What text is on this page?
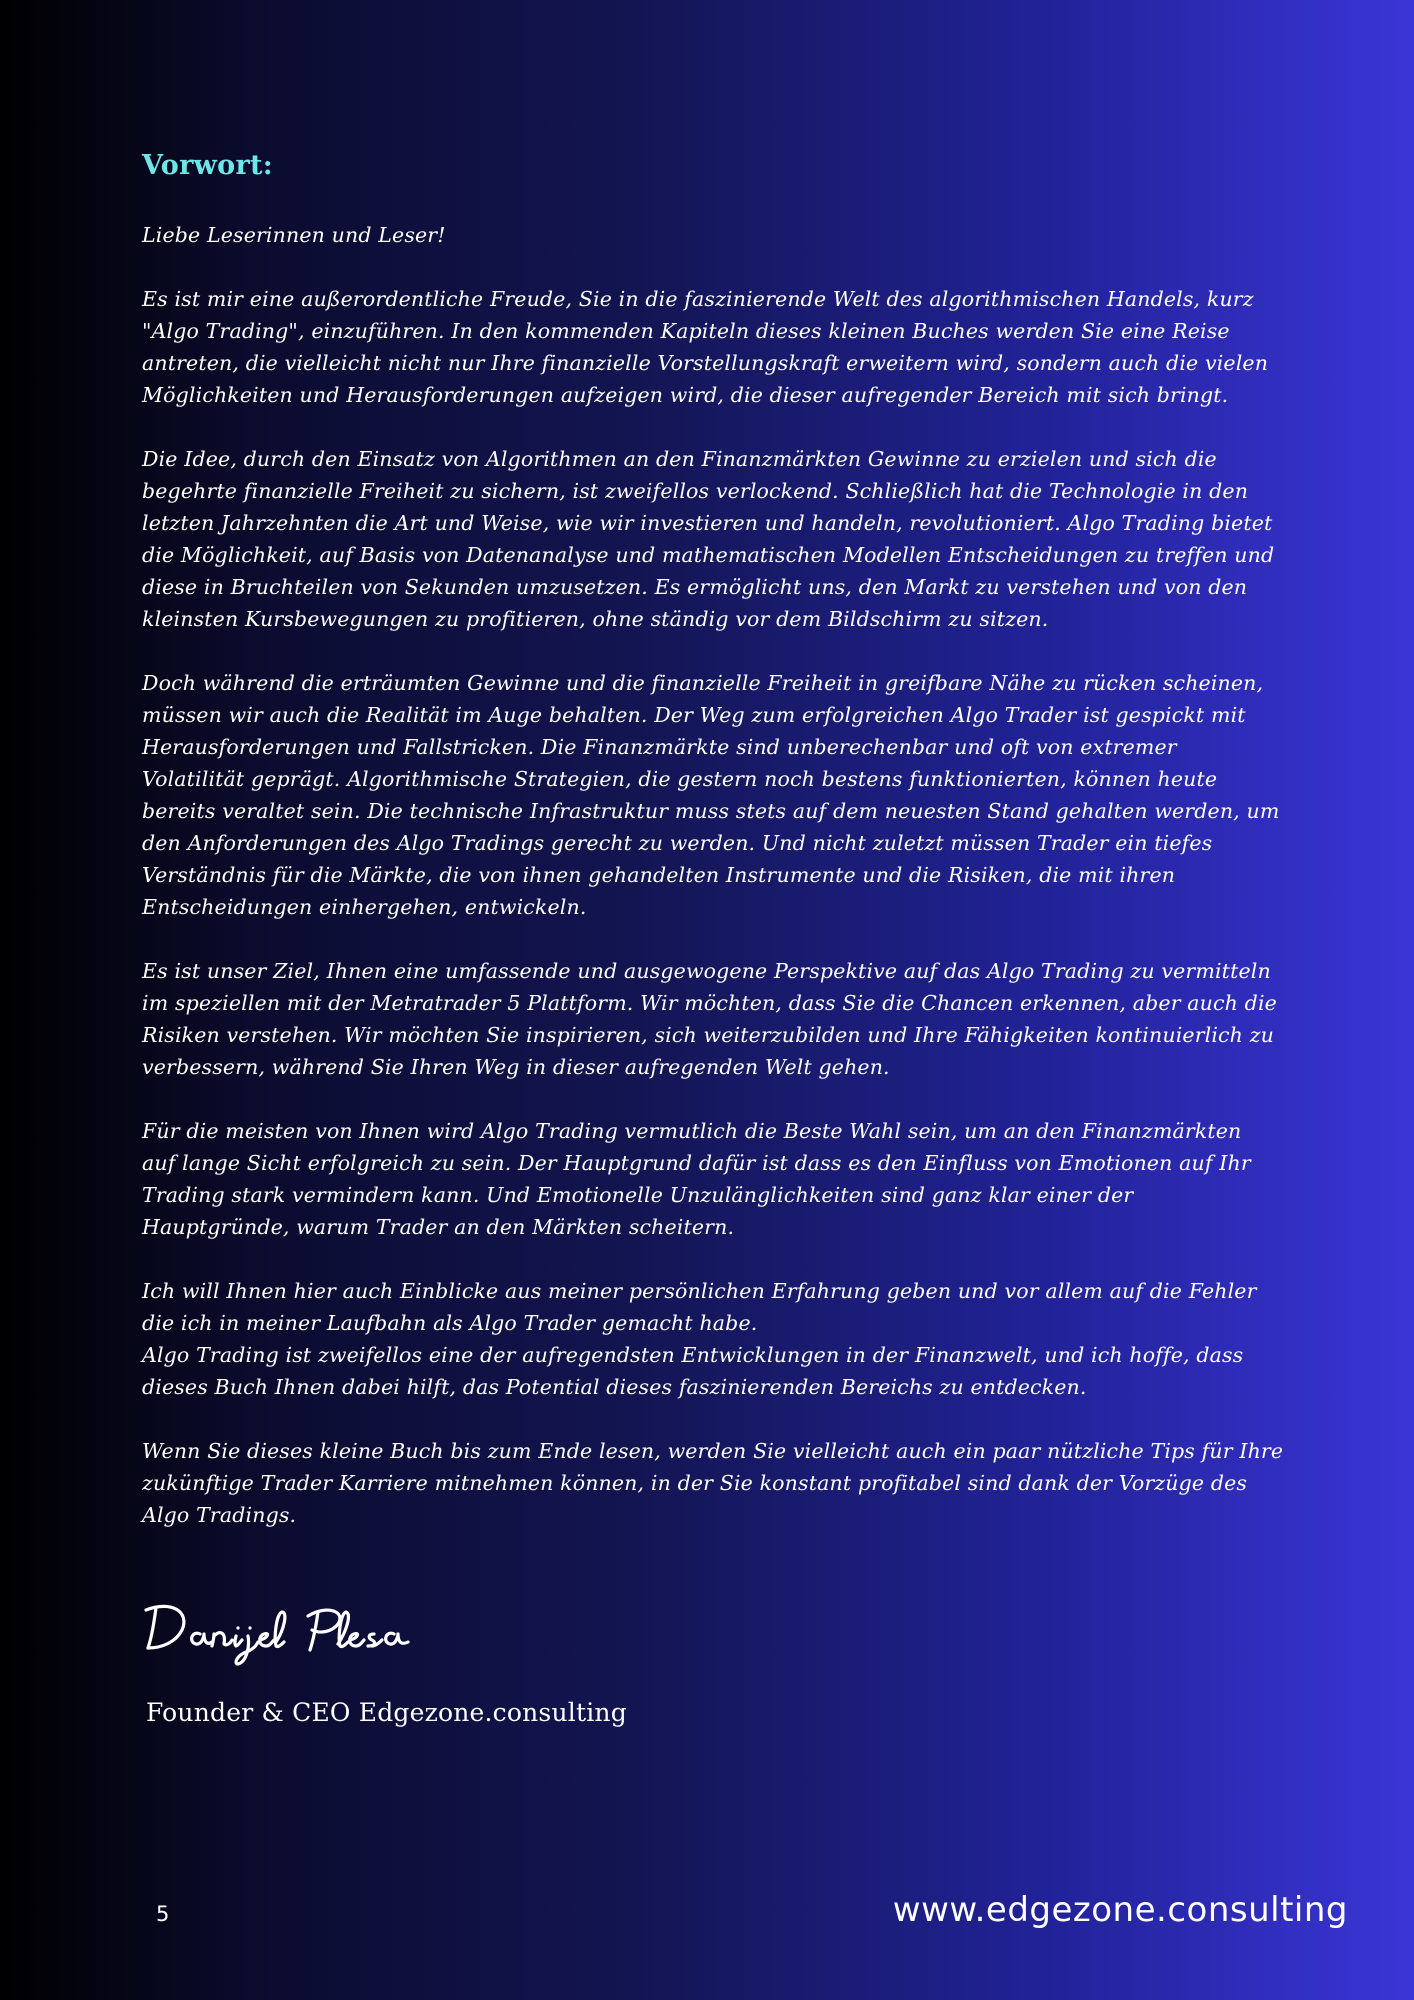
Vorwort:

Liebe Leserinnen und Leser!

Es ist mir eine außerordentliche Freude, Sie in die faszinierende Welt des algorithmischen Handels, kurz
"Algo Trading", einzuführen. In den kommenden Kapiteln dieses kleinen Buches werden Sie eine Reise
antreten, die vielleicht nicht nur Ihre finanzielle Vorstellungskraft erweitern wird, sondern auch die vielen
Möglichkeiten und Herausforderungen aufzeigen wird, die dieser aufregender Bereich mit sich bringt.

Die Idee, durch den Einsatz von Algorithmen an den Finanzmärkten Gewinne zu erzielen und sich die
begehrte finanzielle Freiheit zu sichern, ist zweifellos verlockend. Schließlich hat die Technologie in den
letzten Jahrzehnten die Art und Weise, wie wir investieren und handeln, revolutioniert. Algo Trading bietet
die Möglichkeit, auf Basis von Datenanalyse und mathematischen Modellen Entscheidungen zu treffen und
diese in Bruchteilen von Sekunden umzusetzen. Es ermöglicht uns, den Markt zu verstehen und von den
kleinsten Kursbewegungen zu profitieren, ohne ständig vor dem Bildschirm zu sitzen.

Doch während die erträumten Gewinne und die finanzielle Freiheit in greifbare Nähe zu rücken scheinen,
müssen wir auch die Realität im Auge behalten. Der Weg zum erfolgreichen Algo Trader ist gespickt mit
Herausforderungen und Fallstricken. Die Finanzmärkte sind unberechenbar und oft von extremer
Volatilität geprägt. Algorithmische Strategien, die gestern noch bestens funktionierten, können heute
bereits veraltet sein. Die technische Infrastruktur muss stets auf dem neuesten Stand gehalten werden, um
den Anforderungen des Algo Tradings gerecht zu werden. Und nicht zuletzt müssen Trader ein tiefes
Verständnis für die Märkte, die von ihnen gehandelten Instrumente und die Risiken, die mit ihren
Entscheidungen einhergehen, entwickeln.

Es ist unser Ziel, Ihnen eine umfassende und ausgewogene Perspektive auf das Algo Trading zu vermitteln
im speziellen mit der Metratrader 5 Plattform. Wir möchten, dass Sie die Chancen erkennen, aber auch die
Risiken verstehen. Wir möchten Sie inspirieren, sich weiterzubilden und Ihre Fähigkeiten kontinuierlich zu
verbessern, während Sie Ihren Weg in dieser aufregenden Welt gehen.

Für die meisten von Ihnen wird Algo Trading vermutlich die Beste Wahl sein, um an den Finanzmärkten
auf lange Sicht erfolgreich zu sein. Der Hauptgrund dafür ist dass es den Einfluss von Emotionen auf Ihr
Trading stark vermindern kann. Und Emotionelle Unzulänglichkeiten sind ganz klar einer der
Hauptgründe, warum Trader an den Märkten scheitern.

Ich will Ihnen hier auch Einblicke aus meiner persönlichen Erfahrung geben und vor allem auf die Fehler
die ich in meiner Laufbahn als Algo Trader gemacht habe.
Algo Trading ist zweifellos eine der aufregendsten Entwicklungen in der Finanzwelt, und ich hoffe, dass
dieses Buch Ihnen dabei hilft, das Potential dieses faszinierenden Bereichs zu entdecken.

Wenn Sie dieses kleine Buch bis zum Ende lesen, werden Sie vielleicht auch ein paar nützliche Tips für Ihre
zukünftige Trader Karriere mitnehmen können, in der Sie konstant profitabel sind dank der Vorzüge des
Algo Tradings.

Founder & CEO Edgezone.consulting
5	www.edgezone.consulting
